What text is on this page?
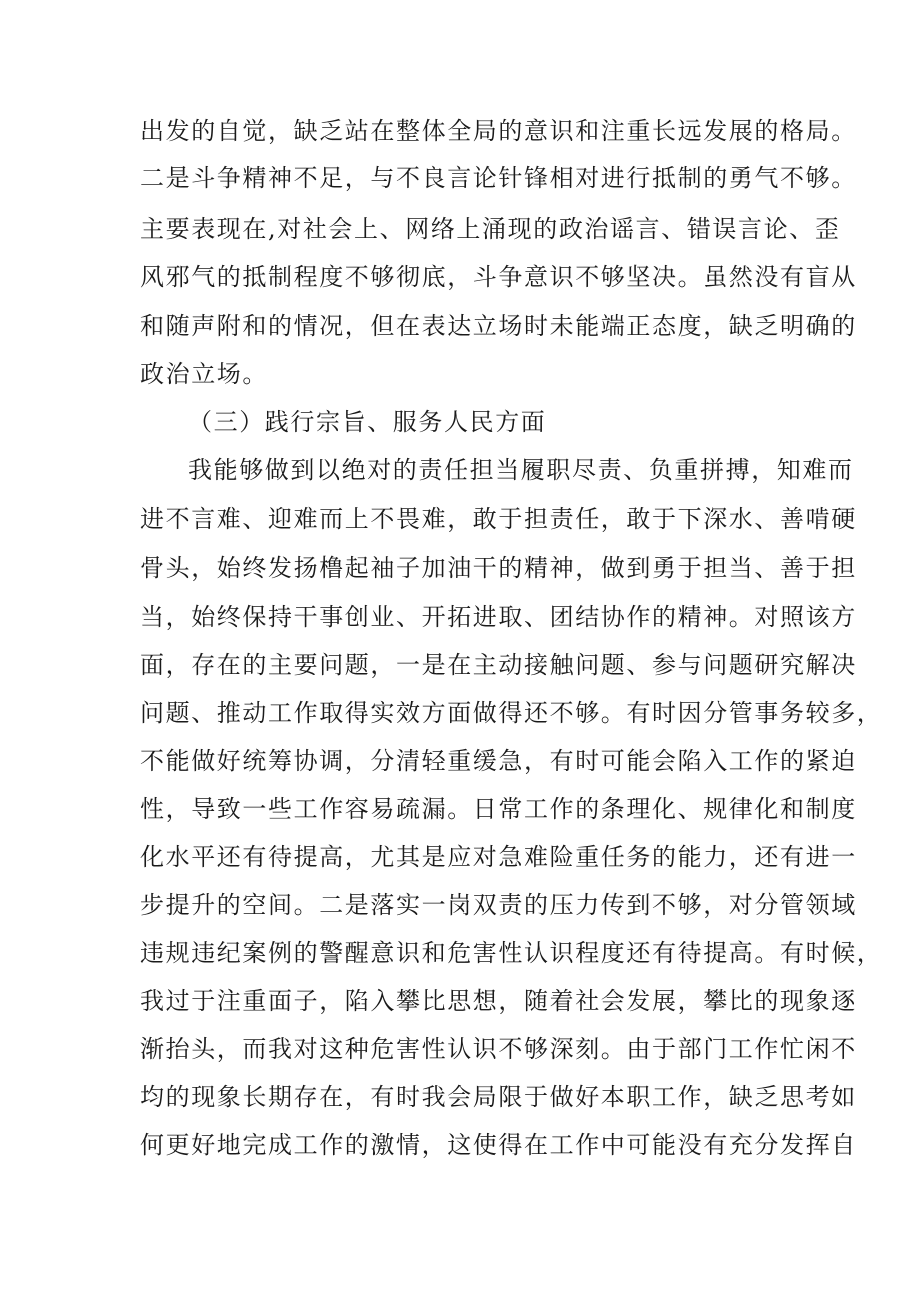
出发的自觉，缺乏站在整体全局的意识和注重长远发展的格局。
二是斗争精神不足，与不良言论针锋相对进行抵制的勇气不够。
主要表现在,对社会上、网络上涌现的政治谣言、错误言论、歪
风邪气的抵制程度不够彻底，斗争意识不够坚决。虽然没有盲从
和随声附和的情况，但在表达立场时未能端正态度，缺乏明确的
政治立场。
（三）践行宗旨、服务人民方面
我能够做到以绝对的责任担当履职尽责、负重拼搏，知难而
进不言难、迎难而上不畏难，敢于担责任，敢于下深水、善啃硬
骨头，始终发扬橹起袖子加油干的精神，做到勇于担当、善于担
当，始终保持干事创业、开拓进取、团结协作的精神。对照该方
面，存在的主要问题，一是在主动接触问题、参与问题研究解决
问题、推动工作取得实效方面做得还不够。有时因分管事务较多，
不能做好统筹协调，分清轻重缓急，有时可能会陷入工作的紧迫
性，导致一些工作容易疏漏。日常工作的条理化、规律化和制度
化水平还有待提高，尤其是应对急难险重任务的能力，还有进一
步提升的空间。二是落实一岗双责的压力传到不够，对分管领域
违规违纪案例的警醒意识和危害性认识程度还有待提高。有时候，
我过于注重面子，陷入攀比思想，随着社会发展，攀比的现象逐
渐抬头，而我对这种危害性认识不够深刻。由于部门工作忙闲不
均的现象长期存在，有时我会局限于做好本职工作，缺乏思考如
何更好地完成工作的激情，这使得在工作中可能没有充分发挥自
